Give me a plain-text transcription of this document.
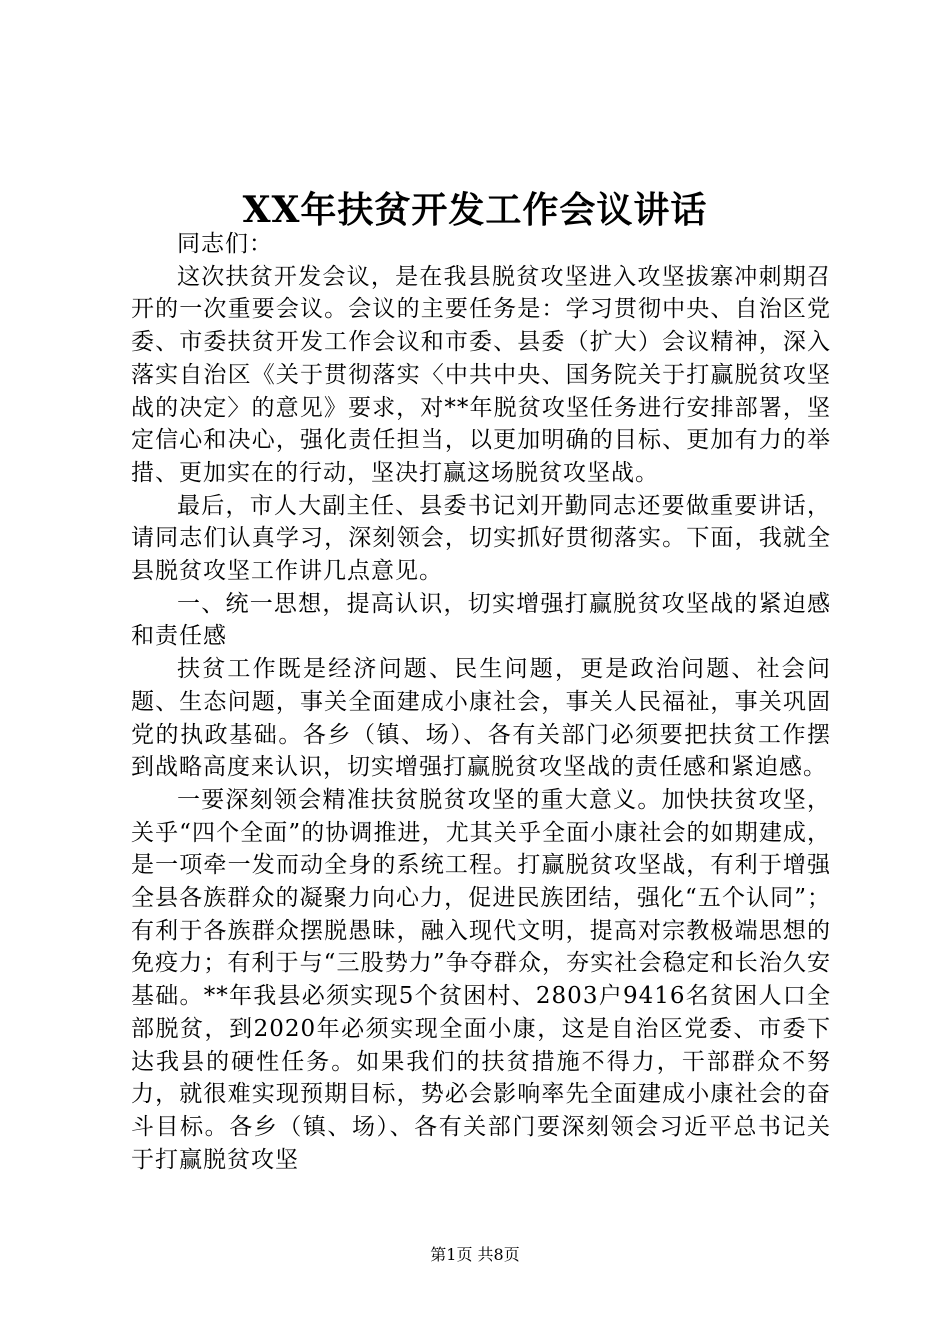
XX年扶贫开发工作会议讲话

同志们：

这次扶贫开发会议，是在我县脱贫攻坚进入攻坚拔寨冲刺期召开的一次重要会议。会议的主要任务是：学习贯彻中央、自治区党委、市委扶贫开发工作会议和市委、县委（扩大）会议精神，深入落实自治区《关于贯彻落实〈中共中央、国务院关于打赢脱贫攻坚战的决定〉的意见》要求，对**年脱贫攻坚任务进行安排部署，坚定信心和决心，强化责任担当，以更加明确的目标、更加有力的举措、更加实在的行动，坚决打赢这场脱贫攻坚战。

最后，市人大副主任、县委书记刘开勤同志还要做重要讲话，请同志们认真学习，深刻领会，切实抓好贯彻落实。下面，我就全县脱贫攻坚工作讲几点意见。

一、统一思想，提高认识，切实增强打赢脱贫攻坚战的紧迫感和责任感

扶贫工作既是经济问题、民生问题，更是政治问题、社会问题、生态问题，事关全面建成小康社会，事关人民福祉，事关巩固党的执政基础。各乡（镇、场）、各有关部门必须要把扶贫工作摆到战略高度来认识，切实增强打赢脱贫攻坚战的责任感和紧迫感。

一要深刻领会精准扶贫脱贫攻坚的重大意义。加快扶贫攻坚，关乎“四个全面”的协调推进，尤其关乎全面小康社会的如期建成，是一项牵一发而动全身的系统工程。打赢脱贫攻坚战，有利于增强全县各族群众的凝聚力向心力，促进民族团结，强化“五个认同”；有利于各族群众摆脱愚昧，融入现代文明，提高对宗教极端思想的免疫力；有利于与“三股势力”争夺群众，夯实社会稳定和长治久安基础。**年我县必须实现5个贫困村、2803户9416名贫困人口全部脱贫，到2020年必须实现全面小康，这是自治区党委、市委下达我县的硬性任务。如果我们的扶贫措施不得力，干部群众不努力，就很难实现预期目标，势必会影响率先全面建成小康社会的奋斗目标。各乡（镇、场）、各有关部门要深刻领会习近平总书记关于打赢脱贫攻坚

第1页 共8页
